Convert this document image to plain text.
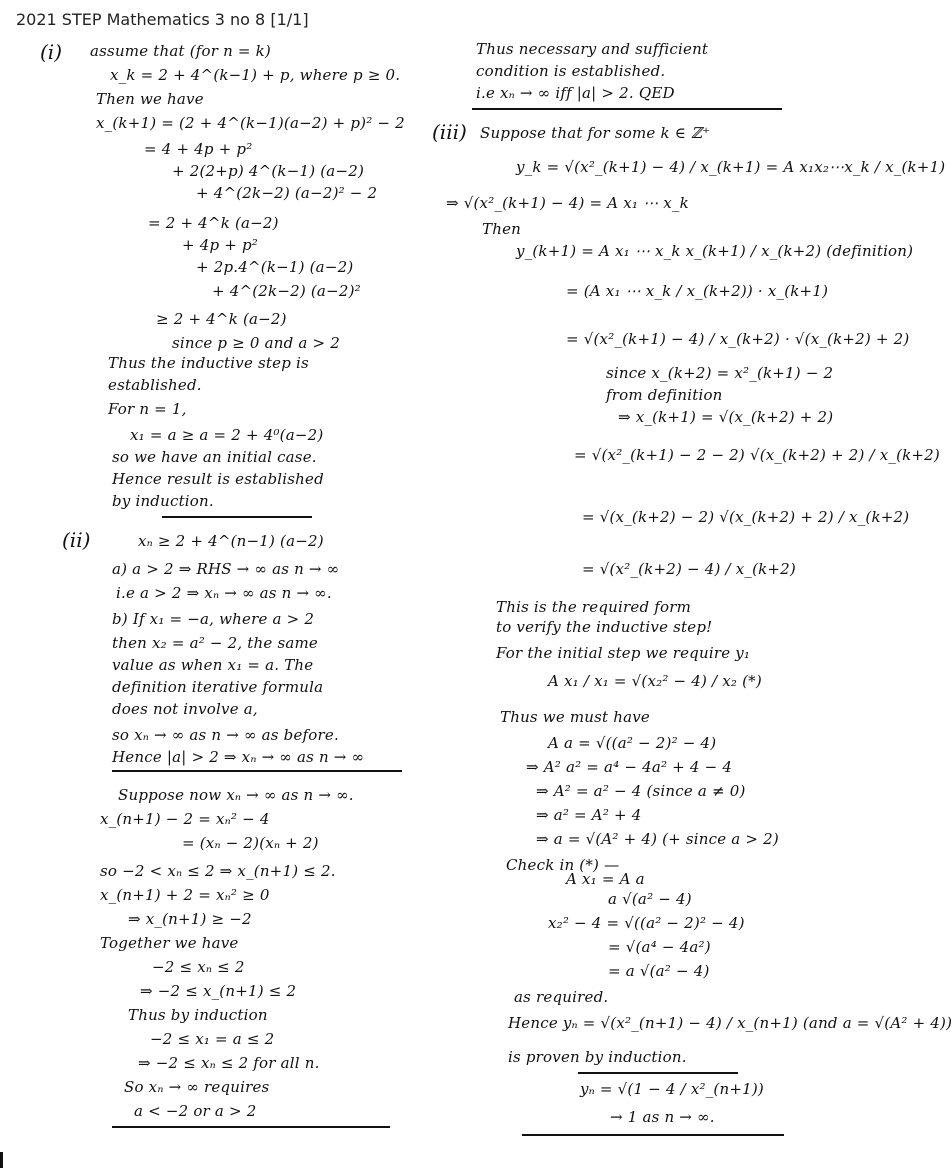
2021 STEP Mathematics 3 no 8 [1/1]
(i)
(ii)
(iii)
assume that (for n = k)
x_k = 2 + 4^(k−1) + p, where p ≥ 0.
Then we have
x_(k+1) = (2 + 4^(k−1)(a−2) + p)² − 2
= 4 + 4p + p²
+ 2(2+p) 4^(k−1) (a−2)
+ 4^(2k−2) (a−2)² − 2
= 2 + 4^k (a−2)
+ 4p + p²
+ 2p.4^(k−1) (a−2)
+ 4^(2k−2) (a−2)²
≥ 2 + 4^k (a−2)
since p ≥ 0 and a > 2
Thus the inductive step is
established.
For n = 1,
x₁ = a ≥ a = 2 + 4⁰(a−2)
so we have an initial case.
Hence result is established
by induction.
xₙ ≥ 2 + 4^(n−1) (a−2)
a) a > 2 ⇒ RHS → ∞ as n → ∞
i.e a > 2 ⇒ xₙ → ∞ as n → ∞.
b) If x₁ = −a, where a > 2
then x₂ = a² − 2, the same
value as when x₁ = a. The
definition iterative formula
does not involve a,
so xₙ → ∞ as n → ∞ as before.
Hence |a| > 2 ⇒ xₙ → ∞ as n → ∞
Suppose now xₙ → ∞ as n → ∞.
x_(n+1) − 2 = xₙ² − 4
= (xₙ − 2)(xₙ + 2)
so −2 < xₙ ≤ 2 ⇒ x_(n+1) ≤ 2.
x_(n+1) + 2 = xₙ² ≥ 0
⇒ x_(n+1) ≥ −2
Together we have
−2 ≤ xₙ ≤ 2
⇒ −2 ≤ x_(n+1) ≤ 2
Thus by induction
−2 ≤ x₁ = a ≤ 2
⇒ −2 ≤ xₙ ≤ 2 for all n.
So xₙ → ∞ requires
a < −2 or a > 2
Thus necessary and sufficient
condition is established.
i.e xₙ → ∞ iff |a| > 2. QED
Suppose that for some k ∈ ℤ⁺
y_k = √(x²_(k+1) − 4) / x_(k+1) = A x₁x₂⋯x_k / x_(k+1)
⇒ √(x²_(k+1) − 4) = A x₁ ⋯ x_k
Then
y_(k+1) = A x₁ ⋯ x_k x_(k+1) / x_(k+2) (definition)
= (A x₁ ⋯ x_k / x_(k+2)) · x_(k+1)
= √(x²_(k+1) − 4) / x_(k+2) · √(x_(k+2) + 2)
since x_(k+2) = x²_(k+1) − 2
from definition
⇒ x_(k+1) = √(x_(k+2) + 2)
= √(x²_(k+1) − 2 − 2) √(x_(k+2) + 2) / x_(k+2)
= √(x_(k+2) − 2) √(x_(k+2) + 2) / x_(k+2)
= √(x²_(k+2) − 4) / x_(k+2)
This is the required form
to verify the inductive step!
For the initial step we require y₁
A x₁ / x₁ = √(x₂² − 4) / x₂ (*)
Thus we must have
A a = √((a² − 2)² − 4)
⇒ A² a² = a⁴ − 4a² + 4 − 4
⇒ A² = a² − 4 (since a ≠ 0)
⇒ a² = A² + 4
⇒ a = √(A² + 4) (+ since a > 2)
Check in (*) —
A x₁ = A a
a √(a² − 4)
x₂² − 4 = √((a² − 2)² − 4)
= √(a⁴ − 4a²)
= a √(a² − 4)
as required.
Hence yₙ = √(x²_(n+1) − 4) / x_(n+1) (and a = √(A² + 4))
is proven by induction.
yₙ = √(1 − 4 / x²_(n+1))
→ 1 as n → ∞.
